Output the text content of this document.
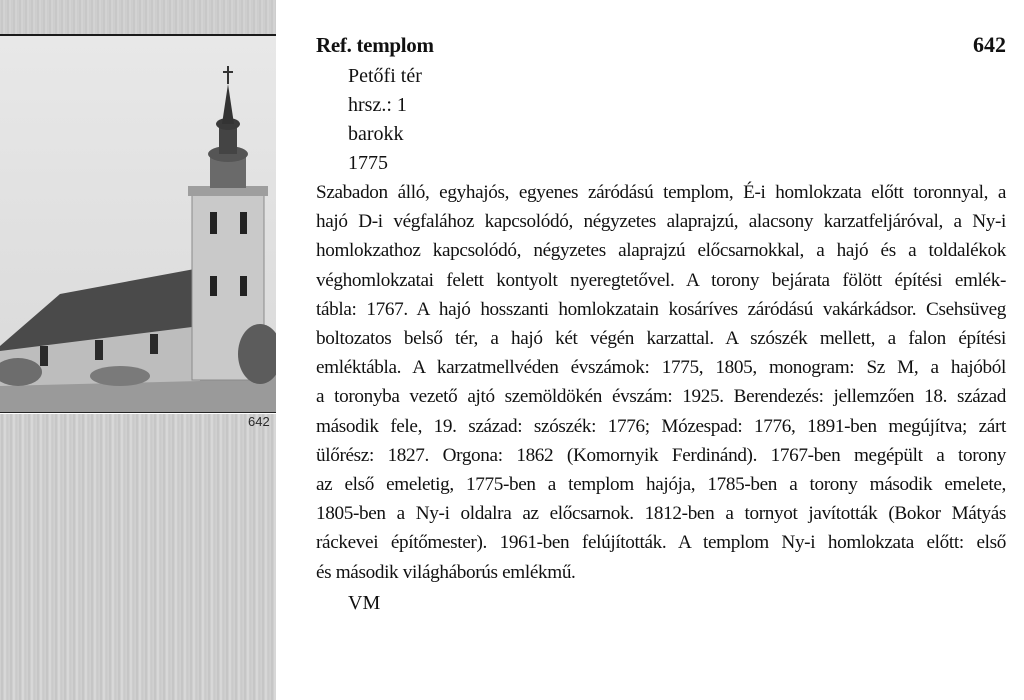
642
Ref. templom	642
Petőfi tér
hrsz.: 1
barokk
1775
Szabadon álló, egyhajós, egyenes záródású templom, É-i homlokzata előtt toronnyal, a
hajó D-i végfalához kapcsolódó, négyzetes alaprajzú, alacsony karzatfeljáróval, a Ny-i
homlokzathoz kapcsolódó, négyzetes alaprajzú előcsarnokkal, a hajó és a toldalékok
véghomlokzatai felett kontyolt nyeregtetővel. A torony bejárata fölött építési emlék-
tábla: 1767. A hajó hosszanti homlokzatain kosáríves záródású vakárkádsor. Csehsüveg
boltozatos belső tér, a hajó két végén karzattal. A szószék mellett, a falon építési
emléktábla. A karzatmellvéden évszámok: 1775, 1805, monogram: Sz M, a hajóból
a toronyba vezető ajtó szemöldökén évszám: 1925. Berendezés: jellemzően 18. század
második fele, 19. század: szószék: 1776; Mózespad: 1776, 1891-ben megújítva; zárt
ülőrész: 1827. Orgona: 1862 (Komornyik Ferdinánd). 1767-ben megépült a torony
az első emeletig, 1775-ben a templom hajója, 1785-ben a torony második emelete,
1805-ben a Ny-i oldalra az előcsarnok. 1812-ben a tornyot javították (Bokor Mátyás
ráckevei építőmester). 1961-ben felújították. A templom Ny-i homlokzata előtt: első
és második világháborús emlékmű.
VM
